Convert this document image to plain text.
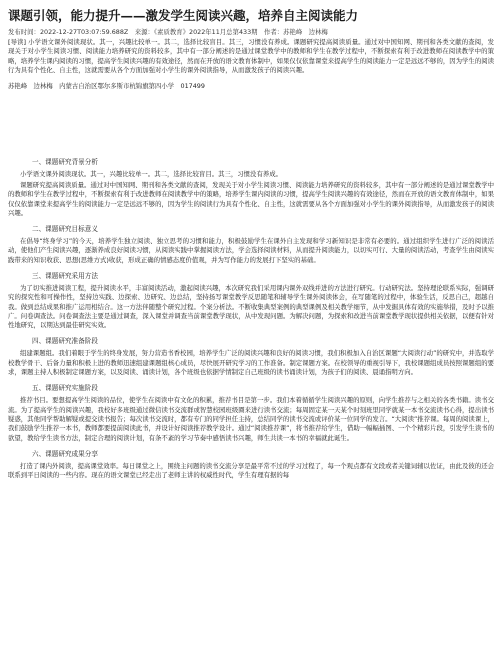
课题引领，能力提升——激发学生阅读兴趣，培养自主阅读能力
发布时间：2022-12-27T03:07:59.688Z　来源：《素质教育》2022年11月总第433期　作者：苏艳峰　边林梅

[导读] 小学语文课外阅读现状。其一，兴趣比较单一。其二，选择比较盲目。其三，习惯没有养成。课题研究提高阅读质量。通过对中国知网、期刊和各类文献的查阅，发现关于对小学生阅读习惯、阅读能力培养研究的资料较多，其中有一部分阐述的是通过课堂教学中的教师和学生在教学过程中，不断探索有利于改进教师在阅读教学中的策略，培养学生课内阅读的习惯，提高学生阅读兴趣的有效途径，然而在开放的语文教育体制中，如果仅仅依靠课堂来提高学生的阅读能力一定是远远不够的，因为学生的阅读行为具有个性化、自主性，这就需要从各个方面加强对小学生的课外阅读指导，从而激发孩子的阅读兴趣。

苏艳峰　边林梅　内蒙古自治区鄂尔多斯市杭锦旗第四小学　017499
一、课题研究背景分析

小学语文课外阅读现状。其一，兴趣比较单一。其二，选择比较盲目。其三，习惯没有养成。

课题研究提高阅读质量。通过对中国知网、期刊和各类文献的查阅，发现关于对小学生阅读习惯、阅读能力培养研究的资料较多，其中有一部分阐述的是通过课堂教学中的教师和学生在教学过程中，不断探索有利于改进教师在阅读教学中的策略，培养学生课内阅读的习惯，提高学生阅读兴趣的有效途径，然而在开放的语文教育体制中，如果仅仅依靠课堂来提高学生的阅读能力一定是远远不够的，因为学生的阅读行为具有个性化、自主性，这就需要从各个方面加强对小学生的课外阅读指导，从而激发孩子的阅读兴趣。

二、课题研究目标意义

在倡导“终身学习”的今天，培养学生独立阅读、独立思考的习惯和能力，积极鼓励学生在课外自主发现和学习新知识是非常有必要的。通过组织学生进行广泛的阅读活动，使他们产生阅读兴趣，逐渐养成良好阅读习惯，从阅读实践中掌握阅读方法，学会选择阅读材料，从而提升阅读能力，以切实可行、大量的阅读活动，考查学生由阅读实践带来的知识收获、思想(思维方式)收获，形成正确的情感态度价值观，并为写作能力的发展打下坚实的基础。

三、课题研究采用方法

为了切实推进阅读工程，提升阅读水平，丰富阅读活动，激起阅读兴趣，本次研究我们采用课内课外双线并进的方法进行研究。行动研究法。坚持理论联系实际，强调研究的探究性和可操作性，坚持边实践、边探索、边研究、边总结，坚持扬写课堂教学反思随笔和辅导学生课外阅读体会，在写随笔的过程中，体验生活，反思自己，超越自我。做到总结成果和推广运用相结合。这一方法伴随整个研究过程。个案分析法。不断收集典型案例的典型课例及相关教学细节，从中发掘具体有效的实施举措，及时予以推广。问卷调查法。问卷调查法主要是通过调查，深入课堂并调查当前课堂教学现状，从中发现问题。为解决问题，为探索和改进当前课堂教学现状提供相关依据，以便有针对性地研究，以期达到最佳研究实效。

四、课题研究准备阶段

组建课题组。我们着眼于学生的终身发展，努力营造书香校园，培养学生广泛的阅读兴趣和良好的阅读习惯，我们积极加入自治区课题“大阅读行动”的研究中，并选取学校教学骨干、后备力量和积极上进的教师迅速组建课题组核心成员，尽快展开研究学习的工作准备。制定课题方案。在校领导的重视引导下，我校课题组成员按照课题组的要求，课题主持人积极制定课题方案，以及阅读、诵读计划，各个班级也依据学情制定自己班级的读书诵读计划，为孩子们的阅读、晨诵指明方向。

五、课题研究实施阶段

推荐书目。要想提高学生阅读的品位，使学生在阅读中有文化的积累，推荐书目是第一步。我们本着循循学生阅读兴趣的原则，向学生推荐与之相关的各类书籍。读书交流。为了提高学生的阅读兴趣，我校好多班级通过微信读书交流群或智慧校园班级圈来进行读书交流；每周固定某一天某个时刻班里同学就某一本书交流读书心得，提出读书疑惑，其他同学帮助解疑或提交读书报告；每次读书交流时，都有专门的同学担任主持，总结同学的读书交流或评价某一位同学的发言。“大阅读”推荐课。每周的阅读课上，我们鼓励学生推荐一本书，教师都要提前阅读此书，并设计好阅读推荐教学设计。通过“阅读推荐课”，将书推荐给学生，借助一幅幅插图、一个个精彩片段，引发学生读书的欲望，教给学生读书方法，制定合理的阅读计划，有条不紊的学习节奏中感悟读书兴趣，师生共读一本书的幸福就此诞生。

六、课题研究成果分享

打造了课内外阅读，提高课堂效率。每日课堂之上，围绕主问题的读书交流分享是最平常不过的学习过程了，每一个观点都有文段或者关键词辅以佐证，由此及彼的还会联系到平日阅读的一些内容。现在的语文课堂已经走出了老师主讲的权威性时代，学生有理有据的每
